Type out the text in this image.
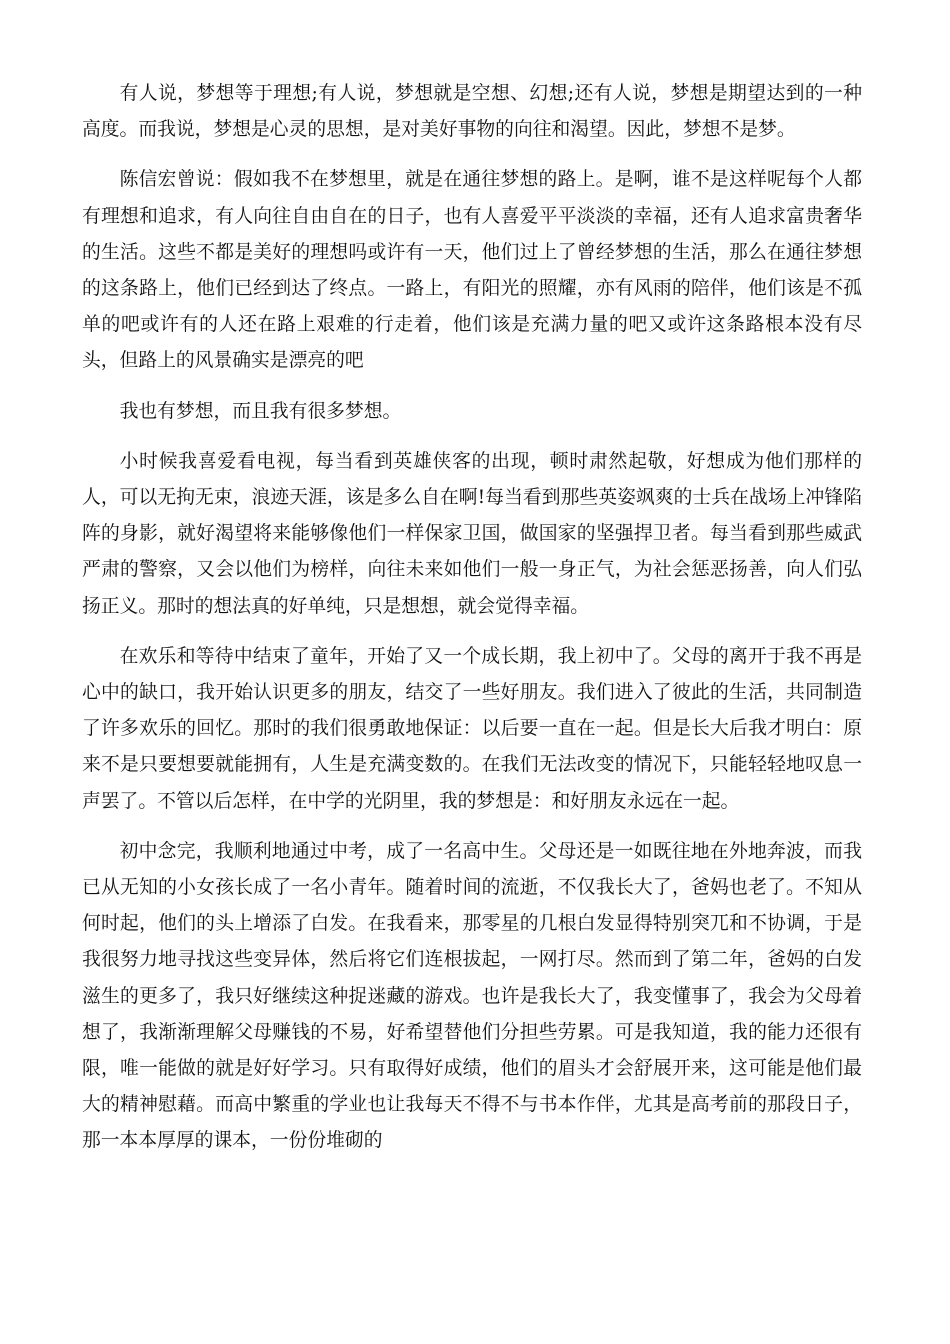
有人说，梦想等于理想;有人说，梦想就是空想、幻想;还有人说，梦想是期望达到的一种高度。而我说，梦想是心灵的思想，是对美好事物的向往和渴望。因此，梦想不是梦。

陈信宏曾说：假如我不在梦想里，就是在通往梦想的路上。是啊，谁不是这样呢每个人都有理想和追求，有人向往自由自在的日子，也有人喜爱平平淡淡的幸福，还有人追求富贵奢华的生活。这些不都是美好的理想吗或许有一天，他们过上了曾经梦想的生活，那么在通往梦想的这条路上，他们已经到达了终点。一路上，有阳光的照耀，亦有风雨的陪伴，他们该是不孤单的吧或许有的人还在路上艰难的行走着，他们该是充满力量的吧又或许这条路根本没有尽头，但路上的风景确实是漂亮的吧

我也有梦想，而且我有很多梦想。

小时候我喜爱看电视，每当看到英雄侠客的出现，顿时肃然起敬，好想成为他们那样的人，可以无拘无束，浪迹天涯，该是多么自在啊!每当看到那些英姿飒爽的士兵在战场上冲锋陷阵的身影，就好渴望将来能够像他们一样保家卫国，做国家的坚强捍卫者。每当看到那些威武严肃的警察，又会以他们为榜样，向往未来如他们一般一身正气，为社会惩恶扬善，向人们弘扬正义。那时的想法真的好单纯，只是想想，就会觉得幸福。

在欢乐和等待中结束了童年，开始了又一个成长期，我上初中了。父母的离开于我不再是心中的缺口，我开始认识更多的朋友，结交了一些好朋友。我们进入了彼此的生活，共同制造了许多欢乐的回忆。那时的我们很勇敢地保证：以后要一直在一起。但是长大后我才明白：原来不是只要想要就能拥有，人生是充满变数的。在我们无法改变的情况下，只能轻轻地叹息一声罢了。不管以后怎样，在中学的光阴里，我的梦想是：和好朋友永远在一起。

初中念完，我顺利地通过中考，成了一名高中生。父母还是一如既往地在外地奔波，而我已从无知的小女孩长成了一名小青年。随着时间的流逝，不仅我长大了，爸妈也老了。不知从何时起，他们的头上增添了白发。在我看来，那零星的几根白发显得特别突兀和不协调，于是我很努力地寻找这些变异体，然后将它们连根拔起，一网打尽。然而到了第二年，爸妈的白发滋生的更多了，我只好继续这种捉迷藏的游戏。也许是我长大了，我变懂事了，我会为父母着想了，我渐渐理解父母赚钱的不易，好希望替他们分担些劳累。可是我知道，我的能力还很有限，唯一能做的就是好好学习。只有取得好成绩，他们的眉头才会舒展开来，这可能是他们最大的精神慰藉。而高中繁重的学业也让我每天不得不与书本作伴，尤其是高考前的那段日子，那一本本厚厚的课本，一份份堆砌的
